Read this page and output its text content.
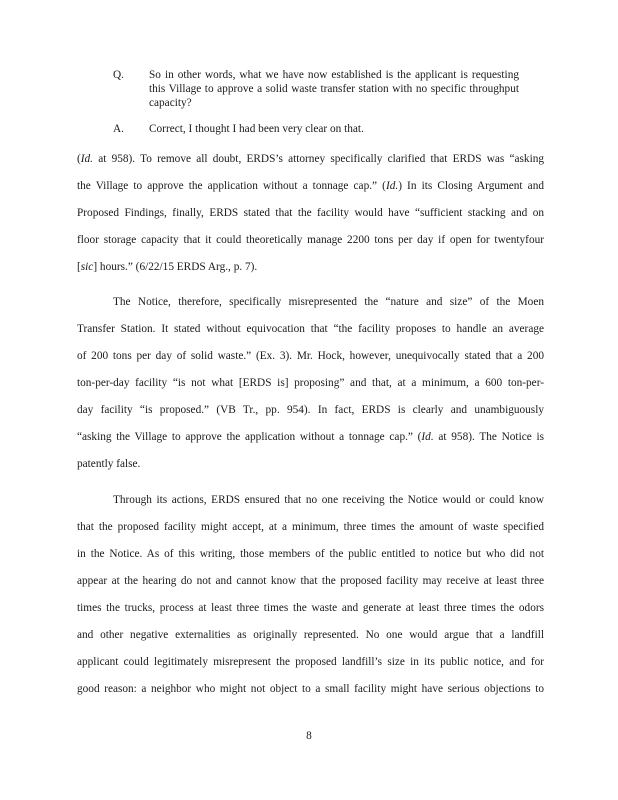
Q. So in other words, what we have now established is the applicant is requesting this Village to approve a solid waste transfer station with no specific throughput capacity?
A. Correct, I thought I had been very clear on that.
(Id. at 958). To remove all doubt, ERDS’s attorney specifically clarified that ERDS was “asking
the Village to approve the application without a tonnage cap.” (Id.) In its Closing Argument and
Proposed Findings, finally, ERDS stated that the facility would have “sufficient stacking and on
floor storage capacity that it could theoretically manage 2200 tons per day if open for twentyfour
[sic] hours.” (6/22/15 ERDS Arg., p. 7).
The Notice, therefore, specifically misrepresented the “nature and size” of the Moen
Transfer Station. It stated without equivocation that “the facility proposes to handle an average
of 200 tons per day of solid waste.” (Ex. 3). Mr. Hock, however, unequivocally stated that a 200
ton-per-day facility “is not what [ERDS is] proposing” and that, at a minimum, a 600 ton-per-
day facility “is proposed.” (VB Tr., pp. 954). In fact, ERDS is clearly and unambiguously
“asking the Village to approve the application without a tonnage cap.” (Id. at 958). The Notice is
patently false.
Through its actions, ERDS ensured that no one receiving the Notice would or could know
that the proposed facility might accept, at a minimum, three times the amount of waste specified
in the Notice. As of this writing, those members of the public entitled to notice but who did not
appear at the hearing do not and cannot know that the proposed facility may receive at least three
times the trucks, process at least three times the waste and generate at least three times the odors
and other negative externalities as originally represented. No one would argue that a landfill
applicant could legitimately misrepresent the proposed landfill’s size in its public notice, and for
good reason: a neighbor who might not object to a small facility might have serious objections to
8
